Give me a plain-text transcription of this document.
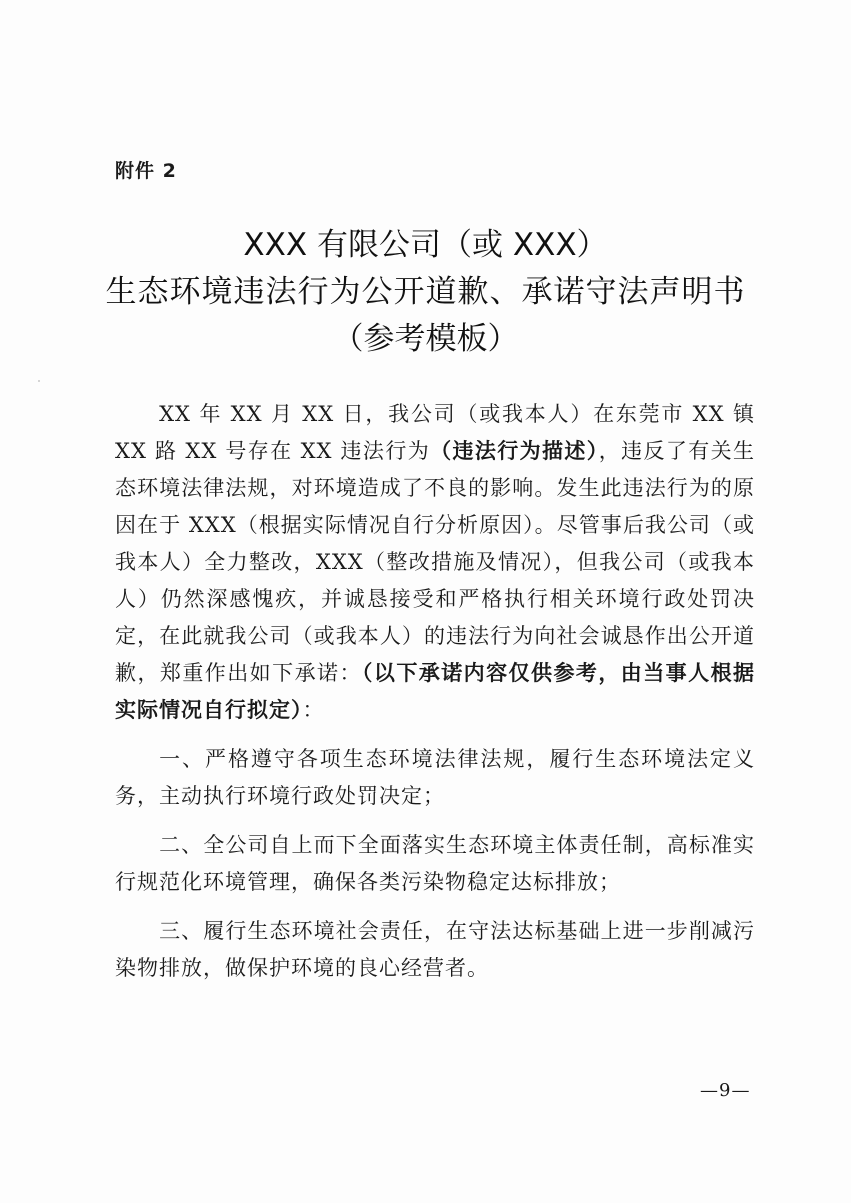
附件 2
XXX 有限公司（或 XXX）
生态环境违法行为公开道歉、承诺守法声明书
（参考模板）

XX 年 XX 月 XX 日，我公司（或我本人）在东莞市 XX 镇 XX 路 XX 号存在 XX 违法行为（违法行为描述），违反了有关生态环境法律法规，对环境造成了不良的影响。发生此违法行为的原因在于 XXX（根据实际情况自行分析原因）。尽管事后我公司（或我本人）全力整改，XXX（整改措施及情况），但我公司（或我本人）仍然深感愧疚，并诚恳接受和严格执行相关环境行政处罚决定，在此就我公司（或我本人）的违法行为向社会诚恳作出公开道歉，郑重作出如下承诺：（以下承诺内容仅供参考，由当事人根据实际情况自行拟定）：

一、严格遵守各项生态环境法律法规，履行生态环境法定义务，主动执行环境行政处罚决定；

二、全公司自上而下全面落实生态环境主体责任制，高标准实行规范化环境管理，确保各类污染物稳定达标排放；

三、履行生态环境社会责任，在守法达标基础上进一步削减污染物排放，做保护环境的良心经营者。

—9—
